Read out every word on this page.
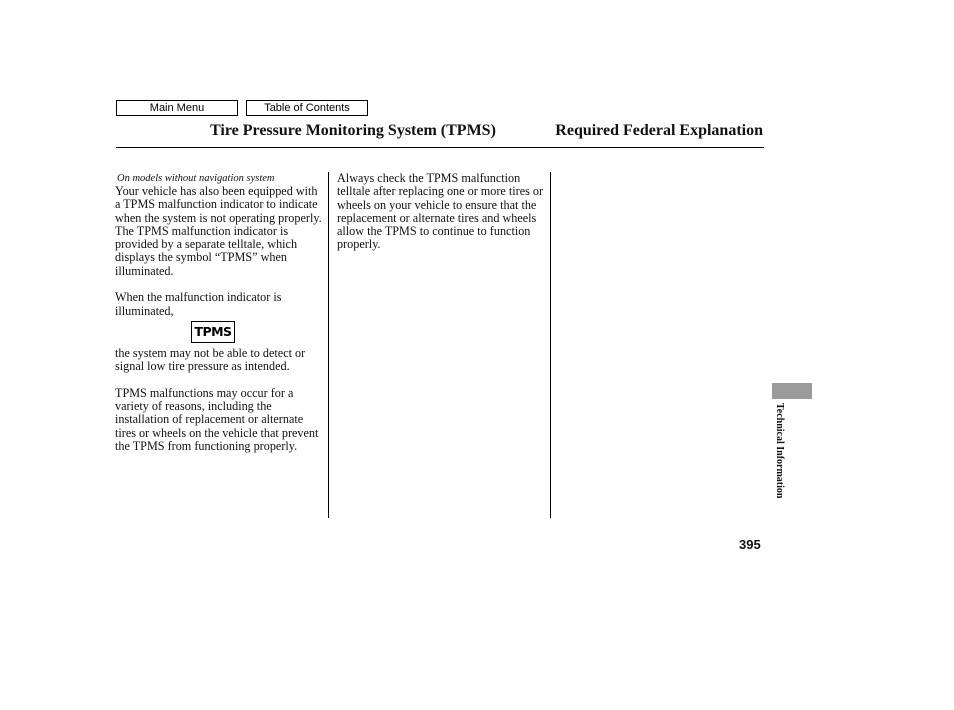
Main Menu	Table of Contents
Tire Pressure Monitoring System (TPMS)	Required Federal Explanation

On models without navigation system

Your vehicle has also been equipped with a TPMS malfunction indicator to indicate when the system is not operating properly. The TPMS malfunction indicator is provided by a separate telltale, which displays the symbol “TPMS” when illuminated.

When the malfunction indicator is illuminated,

TPMS

the system may not be able to detect or signal low tire pressure as intended.

TPMS malfunctions may occur for a variety of reasons, including the installation of replacement or alternate tires or wheels on the vehicle that prevent the TPMS from functioning properly.

Always check the TPMS malfunction telltale after replacing one or more tires or wheels on your vehicle to ensure that the replacement or alternate tires and wheels allow the TPMS to continue to function properly.

Technical Information
395
